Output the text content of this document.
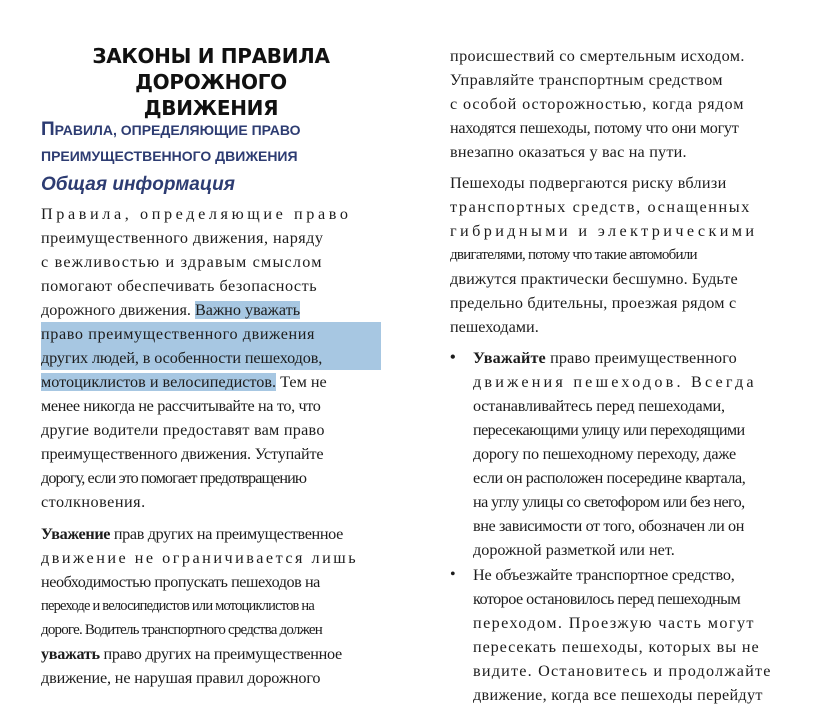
ЗАКОНЫ И ПРАВИЛА ДОРОЖНОГО
ДВИЖЕНИЯ
ПРАВИЛА, ОПРЕДЕЛЯЮЩИЕ ПРАВО
ПРЕИМУЩЕСТВЕННОГО ДВИЖЕНИЯ
Общая информация
Правила, определяющие право
преимущественного движения, наряду
с вежливостью и здравым смыслом
помогают обеспечивать безопасность
дорожного движения. Важно уважать
право преимущественного движения
других людей, в особенности пешеходов,
мотоциклистов и велосипедистов. Тем не
менее никогда не рассчитывайте на то, что
другие водители предоставят вам право
преимущественного движения. Уступайте
дорогу, если это помогает предотвращению
столкновения.
Уважение прав других на преимущественное
движение не ограничивается лишь
необходимостью пропускать пешеходов на
переходе и велосипедистов или мотоциклистов на
дороге. Водитель транспортного средства должен
уважать право других на преимущественное
движение, не нарушая правил дорожного
происшествий со смертельным исходом.
Управляйте транспортным средством
с особой осторожностью, когда рядом
находятся пешеходы, потому что они могут
внезапно оказаться у вас на пути.
Пешеходы подвергаются риску вблизи
транспортных средств, оснащенных
гибридными и электрическими
двигателями, потому что такие автомобили
движутся практически бесшумно. Будьте
предельно бдительны, проезжая рядом с
пешеходами.
•	Уважайте право преимущественного
движения пешеходов. Всегда
останавливайтесь перед пешеходами,
пересекающими улицу или переходящими
дорогу по пешеходному переходу, даже
если он расположен посередине квартала,
на углу улицы со светофором или без него,
вне зависимости от того, обозначен ли он
дорожной разметкой или нет.
•	Не объезжайте транспортное средство,
которое остановилось перед пешеходным
переходом. Проезжую часть могут
пересекать пешеходы, которых вы не
видите. Остановитесь и продолжайте
движение, когда все пешеходы перейдут
